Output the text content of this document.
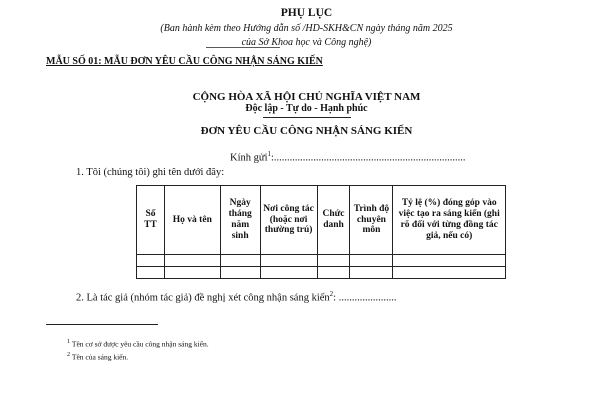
PHỤ LỤC
(Ban hành kèm theo Hướng dẫn số /HD-SKH&CN ngày tháng năm 2025
của Sở Khoa học và Công nghệ)
MẪU SỐ 01: MẪU ĐƠN YÊU CẦU CÔNG NHẬN SÁNG KIẾN
CỘNG HÒA XÃ HỘI CHỦ NGHĨA VIỆT NAM
Độc lập - Tự do - Hạnh phúc
ĐƠN YÊU CẦU CÔNG NHẬN SÁNG KIẾN
Kính gửi$^1$:.........................................................................
1. Tôi (chúng tôi) ghi tên dưới đây:
Số TT	Họ và tên	Ngày tháng năm sinh	Nơi công tác (hoặc nơi thường trú)	Chức danh	Trình độ chuyên môn	Tỷ lệ (%) đóng góp vào việc tạo ra sáng kiến (ghi rõ đối với từng đồng tác giả, nếu có)

2. Là tác giả (nhóm tác giả) đề nghị xét công nhận sáng kiến$^2$: ......................
$^1$ Tên cơ sở được yêu cầu công nhận sáng kiến.
$^2$ Tên của sáng kiến.
